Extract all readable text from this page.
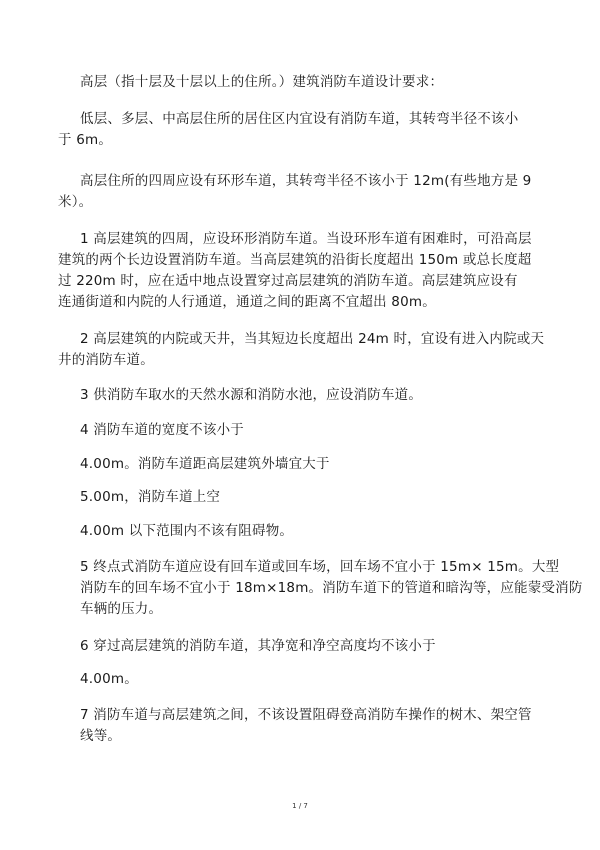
高层（指十层及十层以上的住所。）建筑消防车道设计要求：
低层、多层、中高层住所的居住区内宜设有消防车道，其转弯半径不该小
于 6m。
高层住所的四周应设有环形车道，其转弯半径不该小于 12m(有些地方是 9
米）。
1 高层建筑的四周，应设环形消防车道。当设环形车道有困难时，可沿高层
建筑的两个长边设置消防车道。当高层建筑的沿街长度超出 150m 或总长度超
过 220m 时，应在适中地点设置穿过高层建筑的消防车道。高层建筑应设有
连通街道和内院的人行通道，通道之间的距离不宜超出 80m。
2 高层建筑的内院或天井，当其短边长度超出 24m 时，宜设有进入内院或天
井的消防车道。
3 供消防车取水的天然水源和消防水池，应设消防车道。
4 消防车道的宽度不该小于
4.00m。消防车道距高层建筑外墙宜大于
5.00m，消防车道上空
4.00m 以下范围内不该有阻碍物。
5 终点式消防车道应设有回车道或回车场，回车场不宜小于 15m× 15m。大型
消防车的回车场不宜小于 18m×18m。消防车道下的管道和暗沟等，应能蒙受消防
车辆的压力。
6 穿过高层建筑的消防车道，其净宽和净空高度均不该小于
4.00m。
7 消防车道与高层建筑之间，不该设置阻碍登高消防车操作的树木、架空管
线等。
1 / 7
